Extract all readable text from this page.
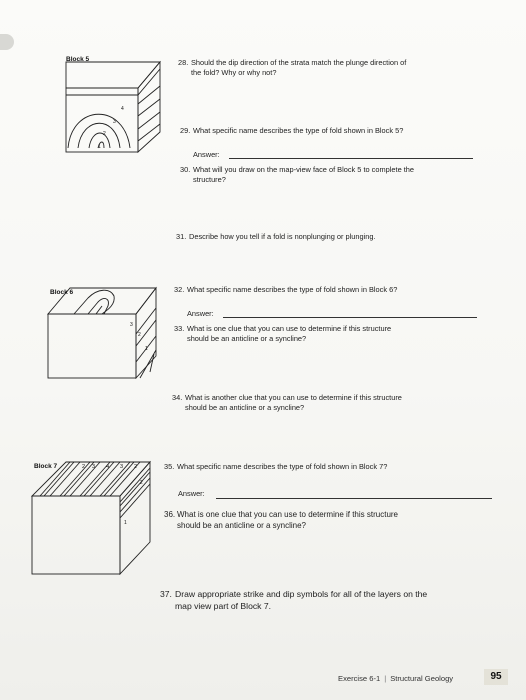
Block 5
4
3
2
1
Block 6
3
2
1
Block 7	2 3 4 3 2
2
1
28. Should the dip direction of the strata match the plunge direction of
the fold? Why or why not?
29. What specific name describes the type of fold shown in Block 5?
Answer:
30. What will you draw on the map-view face of Block 5 to complete the
structure?
31. Describe how you tell if a fold is nonplunging or plunging.
32. What specific name describes the type of fold shown in Block 6?
Answer:
33. What is one clue that you can use to determine if this structure
should be an anticline or a syncline?
34. What is another clue that you can use to determine if this structure
should be an anticline or a syncline?
35. What specific name describes the type of fold shown in Block 7?
Answer:
36. What is one clue that you can use to determine if this structure
should be an anticline or a syncline?
37. Draw appropriate strike and dip symbols for all of the layers on the
map view part of Block 7.
Exercise 6-1 | Structural Geology	95
